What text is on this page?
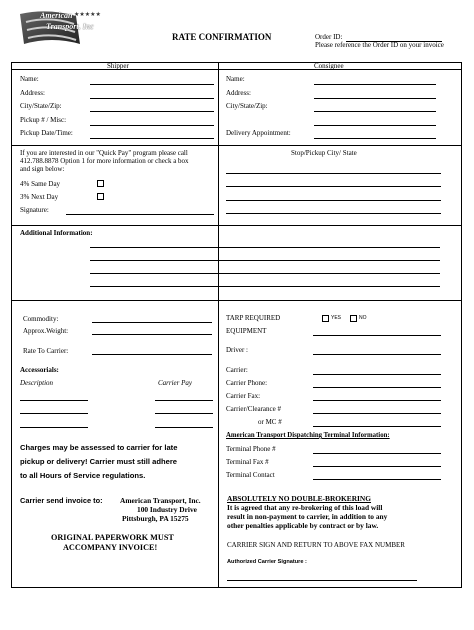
American ★★★★★
Transport, Inc
RATE CONFIRMATION	Order ID:
Please reference the Order ID on your invoice
Shipper	Consignee
Name:
Address:
City/State/Zip:
Pickup # / Misc:
Pickup Date/Time:
Name:
Address:
City/State/Zip:
Delivery Appointment:
If you are interested in our "Quick Pay" program please call
412.788.8878 Option 1 for more information or check a box
and sign below:
4% Same Day
3% Next Day
Signature:
Stop/Pickup City/ State
Additional Information:
Commodity:
Approx.Weight:
Rate To Carrier:
Accessorials:
Description	Carrier Pay
Charges may be assessed to carrier for late
pickup or delivery! Carrier must still adhere
to all Hours of Service regulations.
Carrier send invoice to: American Transport, Inc.
100 Industry Drive
Pittsburgh, PA 15275
ORIGINAL PAPERWORK MUST
ACCOMPANY INVOICE!
TARP REQUIRED	YES	NO
EQUIPMENT
Driver :
Carrier:
Carrier Phone:
Carrier Fax:
Carrier/Clearance #
or MC #
American Transport Dispatching Terminal Information:
Terminal Phone #
Terminal Fax #
Terminal Contact
ABSOLUTELY NO DOUBLE-BROKERING
It is agreed that any re-brokering of this load will
result in non-payment to carrier, in addition to any
other penalties applicable by contract or by law.
CARRIER SIGN AND RETURN TO ABOVE FAX NUMBER
Authorized Carrier Signature :
